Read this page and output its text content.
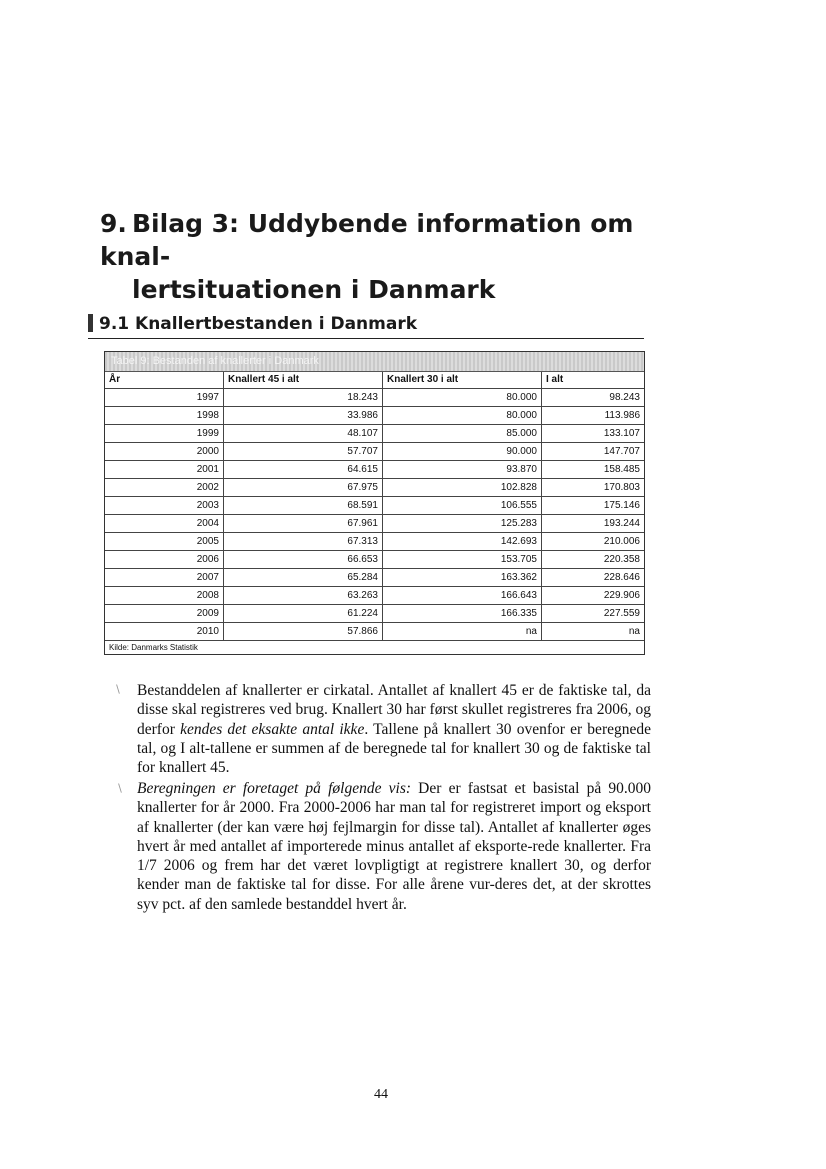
9. Bilag 3: Uddybende information om knal-
lertsituationen i Danmark
9.1 Knallertbestanden i Danmark
Tabel 9: Bestanden af knallerter i Danmark
År	Knallert 45 i alt	Knallert 30 i alt	I alt
1997	18.243	80.000	98.243
1998	33.986	80.000	113.986
1999	48.107	85.000	133.107
2000	57.707	90.000	147.707
2001	64.615	93.870	158.485
2002	67.975	102.828	170.803
2003	68.591	106.555	175.146
2004	67.961	125.283	193.244
2005	67.313	142.693	210.006
2006	66.653	153.705	220.358
2007	65.284	163.362	228.646
2008	63.263	166.643	229.906
2009	61.224	166.335	227.559
2010	57.866	na	na
Kilde: Danmarks Statistik
∖ Bestanddelen af knallerter er cirkatal. Antallet af knallert 45 er de faktiske tal, da disse skal registreres ved brug. Knallert 30 har først skullet registreres fra 2006, og derfor kendes det eksakte antal ikke. Tallene på knallert 30 ovenfor er beregnede tal, og I alt-tallene er summen af de beregnede tal for knallert 30 og de faktiske tal for knallert 45.

∖ Beregningen er foretaget på følgende vis: Der er fastsat et basistal på 90.000 knallerter for år 2000. Fra 2000-2006 har man tal for registreret import og eksport af knallerter (der kan være høj fejlmargin for disse tal). Antallet af knallerter øges hvert år med antallet af importerede minus antallet af eksporte-rede knallerter. Fra 1/7 2006 og frem har det været lovpligtigt at registrere knallert 30, og derfor kender man de faktiske tal for disse. For alle årene vur-deres det, at der skrottes syv pct. af den samlede bestanddel hvert år.

44
